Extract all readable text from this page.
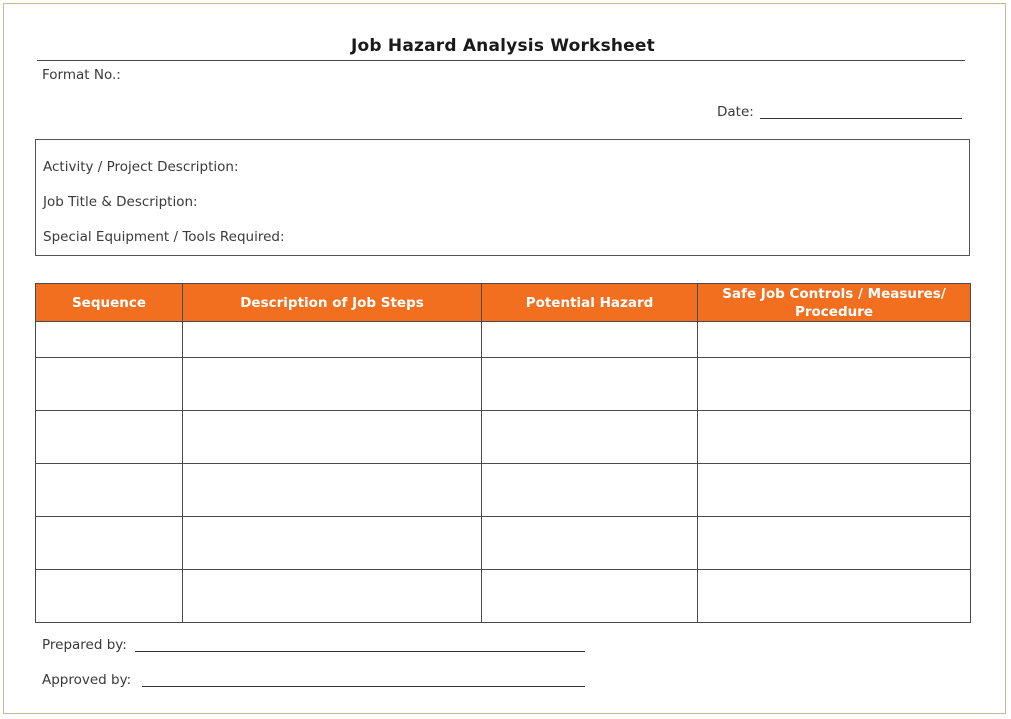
Job Hazard Analysis Worksheet
Format No.:
Date:
Activity / Project Description:
Job Title & Description:
Special Equipment / Tools Required:
Sequence	Description of Job Steps	Potential Hazard	Safe Job Controls / Measures/ Procedure

Prepared by:
Approved by:
